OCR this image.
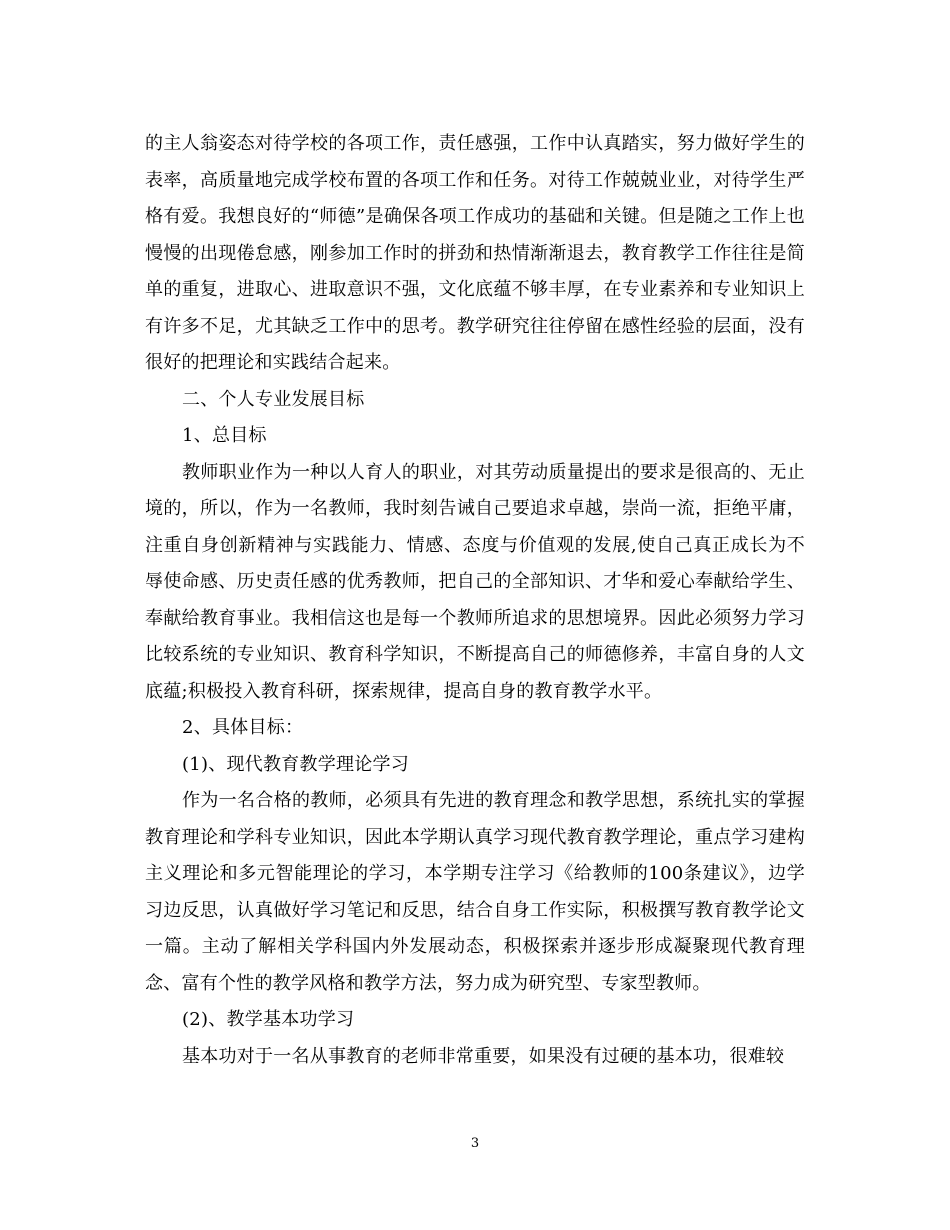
的主人翁姿态对待学校的各项工作，责任感强，工作中认真踏实，努力做好学生的表率，高质量地完成学校布置的各项工作和任务。对待工作兢兢业业，对待学生严格有爱。我想良好的“师德”是确保各项工作成功的基础和关键。但是随之工作上也慢慢的出现倦怠感，刚参加工作时的拼劲和热情渐渐退去，教育教学工作往往是简单的重复，进取心、进取意识不强，文化底蕴不够丰厚，在专业素养和专业知识上有许多不足，尤其缺乏工作中的思考。教学研究往往停留在感性经验的层面，没有很好的把理论和实践结合起来。

二、个人专业发展目标

1、总目标

教师职业作为一种以人育人的职业，对其劳动质量提出的要求是很高的、无止境的，所以，作为一名教师，我时刻告诫自己要追求卓越，崇尚一流，拒绝平庸，注重自身创新精神与实践能力、情感、态度与价值观的发展,使自己真正成长为不辱使命感、历史责任感的优秀教师，把自己的全部知识、才华和爱心奉献给学生、奉献给教育事业。我相信这也是每一个教师所追求的思想境界。因此必须努力学习比较系统的专业知识、教育科学知识，不断提高自己的师德修养，丰富自身的人文底蕴;积极投入教育科研，探索规律，提高自身的教育教学水平。

2、具体目标：

(1)、现代教育教学理论学习

作为一名合格的教师，必须具有先进的教育理念和教学思想，系统扎实的掌握教育理论和学科专业知识，因此本学期认真学习现代教育教学理论，重点学习建构主义理论和多元智能理论的学习，本学期专注学习《给教师的100条建议》，边学习边反思，认真做好学习笔记和反思，结合自身工作实际，积极撰写教育教学论文一篇。主动了解相关学科国内外发展动态，积极探索并逐步形成凝聚现代教育理念、富有个性的教学风格和教学方法，努力成为研究型、专家型教师。

(2)、教学基本功学习

基本功对于一名从事教育的老师非常重要，如果没有过硬的基本功，很难较

3
